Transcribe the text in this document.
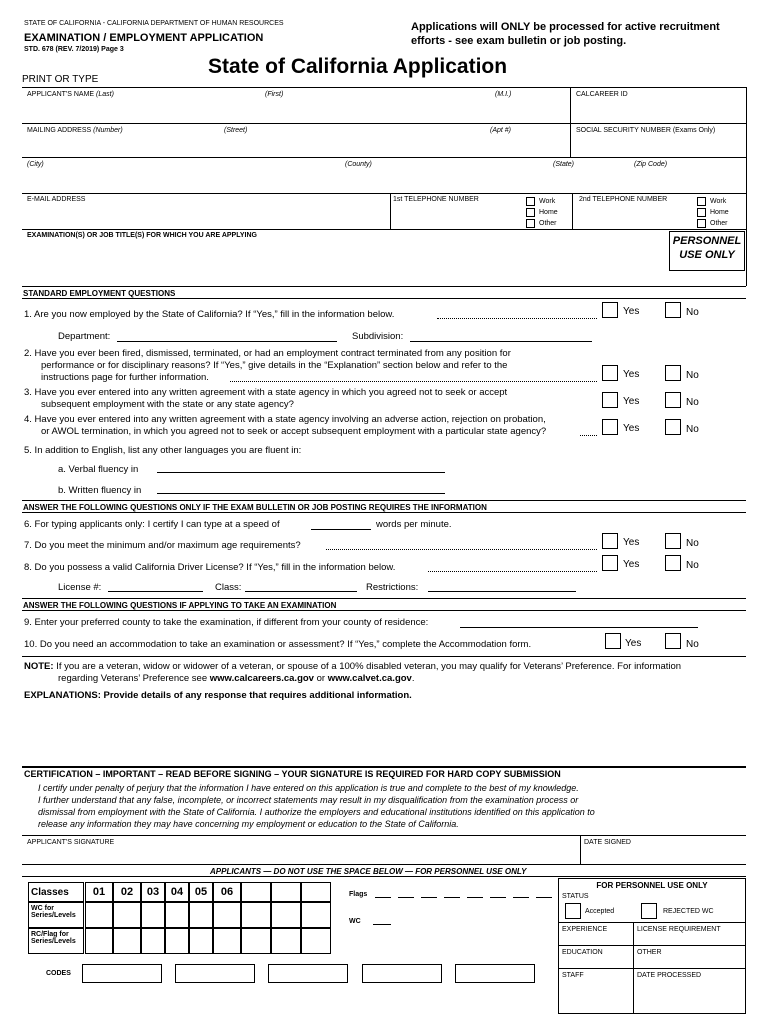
STATE OF CALIFORNIA - CALIFORNIA DEPARTMENT OF HUMAN RESOURCES
EXAMINATION / EMPLOYMENT APPLICATION
STD. 678 (REV. 7/2019) Page 3
Applications will ONLY be processed for active recruitment efforts - see exam bulletin or job posting.
State of California Application
PRINT OR TYPE
APPLICANT'S NAME (Last)	(First)	(M.I.)	CALCAREER ID
MAILING ADDRESS (Number)	(Street)	(Apt #)	SOCIAL SECURITY NUMBER (Exams Only)
(City)	(County)	(State)	(Zip Code)
E-MAIL ADDRESS	1st TELEPHONE NUMBER	Work
Home
Other
2nd TELEPHONE NUMBER	Work
Home
Other
EXAMINATION(S) OR JOB TITLE(S) FOR WHICH YOU ARE APPLYING	PERSONNEL USE ONLY
STANDARD EMPLOYMENT QUESTIONS
1. Are you now employed by the State of California? If “Yes,” fill in the information below.	Yes	No
Department:	Subdivision:
2. Have you ever been fired, dismissed, terminated, or had an employment contract terminated from any position for
performance or for disciplinary reasons? If “Yes,” give details in the “Explanation” section below and refer to the
instructions page for further information.	Yes	No
3. Have you ever entered into any written agreement with a state agency in which you agreed not to seek or accept
subsequent employment with the state or any state agency?	Yes	No
4. Have you ever entered into any written agreement with a state agency involving an adverse action, rejection on probation,
or AWOL termination, in which you agreed not to seek or accept subsequent employment with a particular state agency?	Yes	No
5. In addition to English, list any other languages you are fluent in:
a. Verbal fluency in
b. Written fluency in
ANSWER THE FOLLOWING QUESTIONS ONLY IF THE EXAM BULLETIN OR JOB POSTING REQUIRES THE INFORMATION
6. For typing applicants only: I certify I can type at a speed of	words per minute.
7. Do you meet the minimum and/or maximum age requirements?	Yes	No
8. Do you possess a valid California Driver License? If “Yes,” fill in the information below.	Yes	No
License #:	Class:	Restrictions:
ANSWER THE FOLLOWING QUESTIONS IF APPLYING TO TAKE AN EXAMINATION
9. Enter your preferred county to take the examination, if different from your county of residence:
10. Do you need an accommodation to take an examination or assessment? If “Yes,” complete the Accommodation form.	Yes	No
NOTE: If you are a veteran, widow or widower of a veteran, or spouse of a 100% disabled veteran, you may qualify for Veterans’ Preference. For information
regarding Veterans’ Preference see www.calcareers.ca.gov or www.calvet.ca.gov.
EXPLANATIONS: Provide details of any response that requires additional information.
CERTIFICATION – IMPORTANT – READ BEFORE SIGNING – YOUR SIGNATURE IS REQUIRED FOR HARD COPY SUBMISSION
I certify under penalty of perjury that the information I have entered on this application is true and complete to the best of my knowledge.
I further understand that any false, incomplete, or incorrect statements may result in my disqualification from the examination process or
dismissal from employment with the State of California. I authorize the employers and educational institutions identified on this application to
release any information they may have concerning my employment or education to the State of California.
APPLICANT'S SIGNATURE	DATE SIGNED
APPLICANTS — DO NOT USE THE SPACE BELOW — FOR PERSONNEL USE ONLY
Classes	01	02	03	04	05	06
WC for Series/Levels
RC/Flag for Series/Levels
CODES
Flags
WC
FOR PERSONNEL USE ONLY
STATUS
Accepted	REJECTED WC
EXPERIENCE	LICENSE REQUIREMENT
EDUCATION	OTHER
STAFF	DATE PROCESSED
